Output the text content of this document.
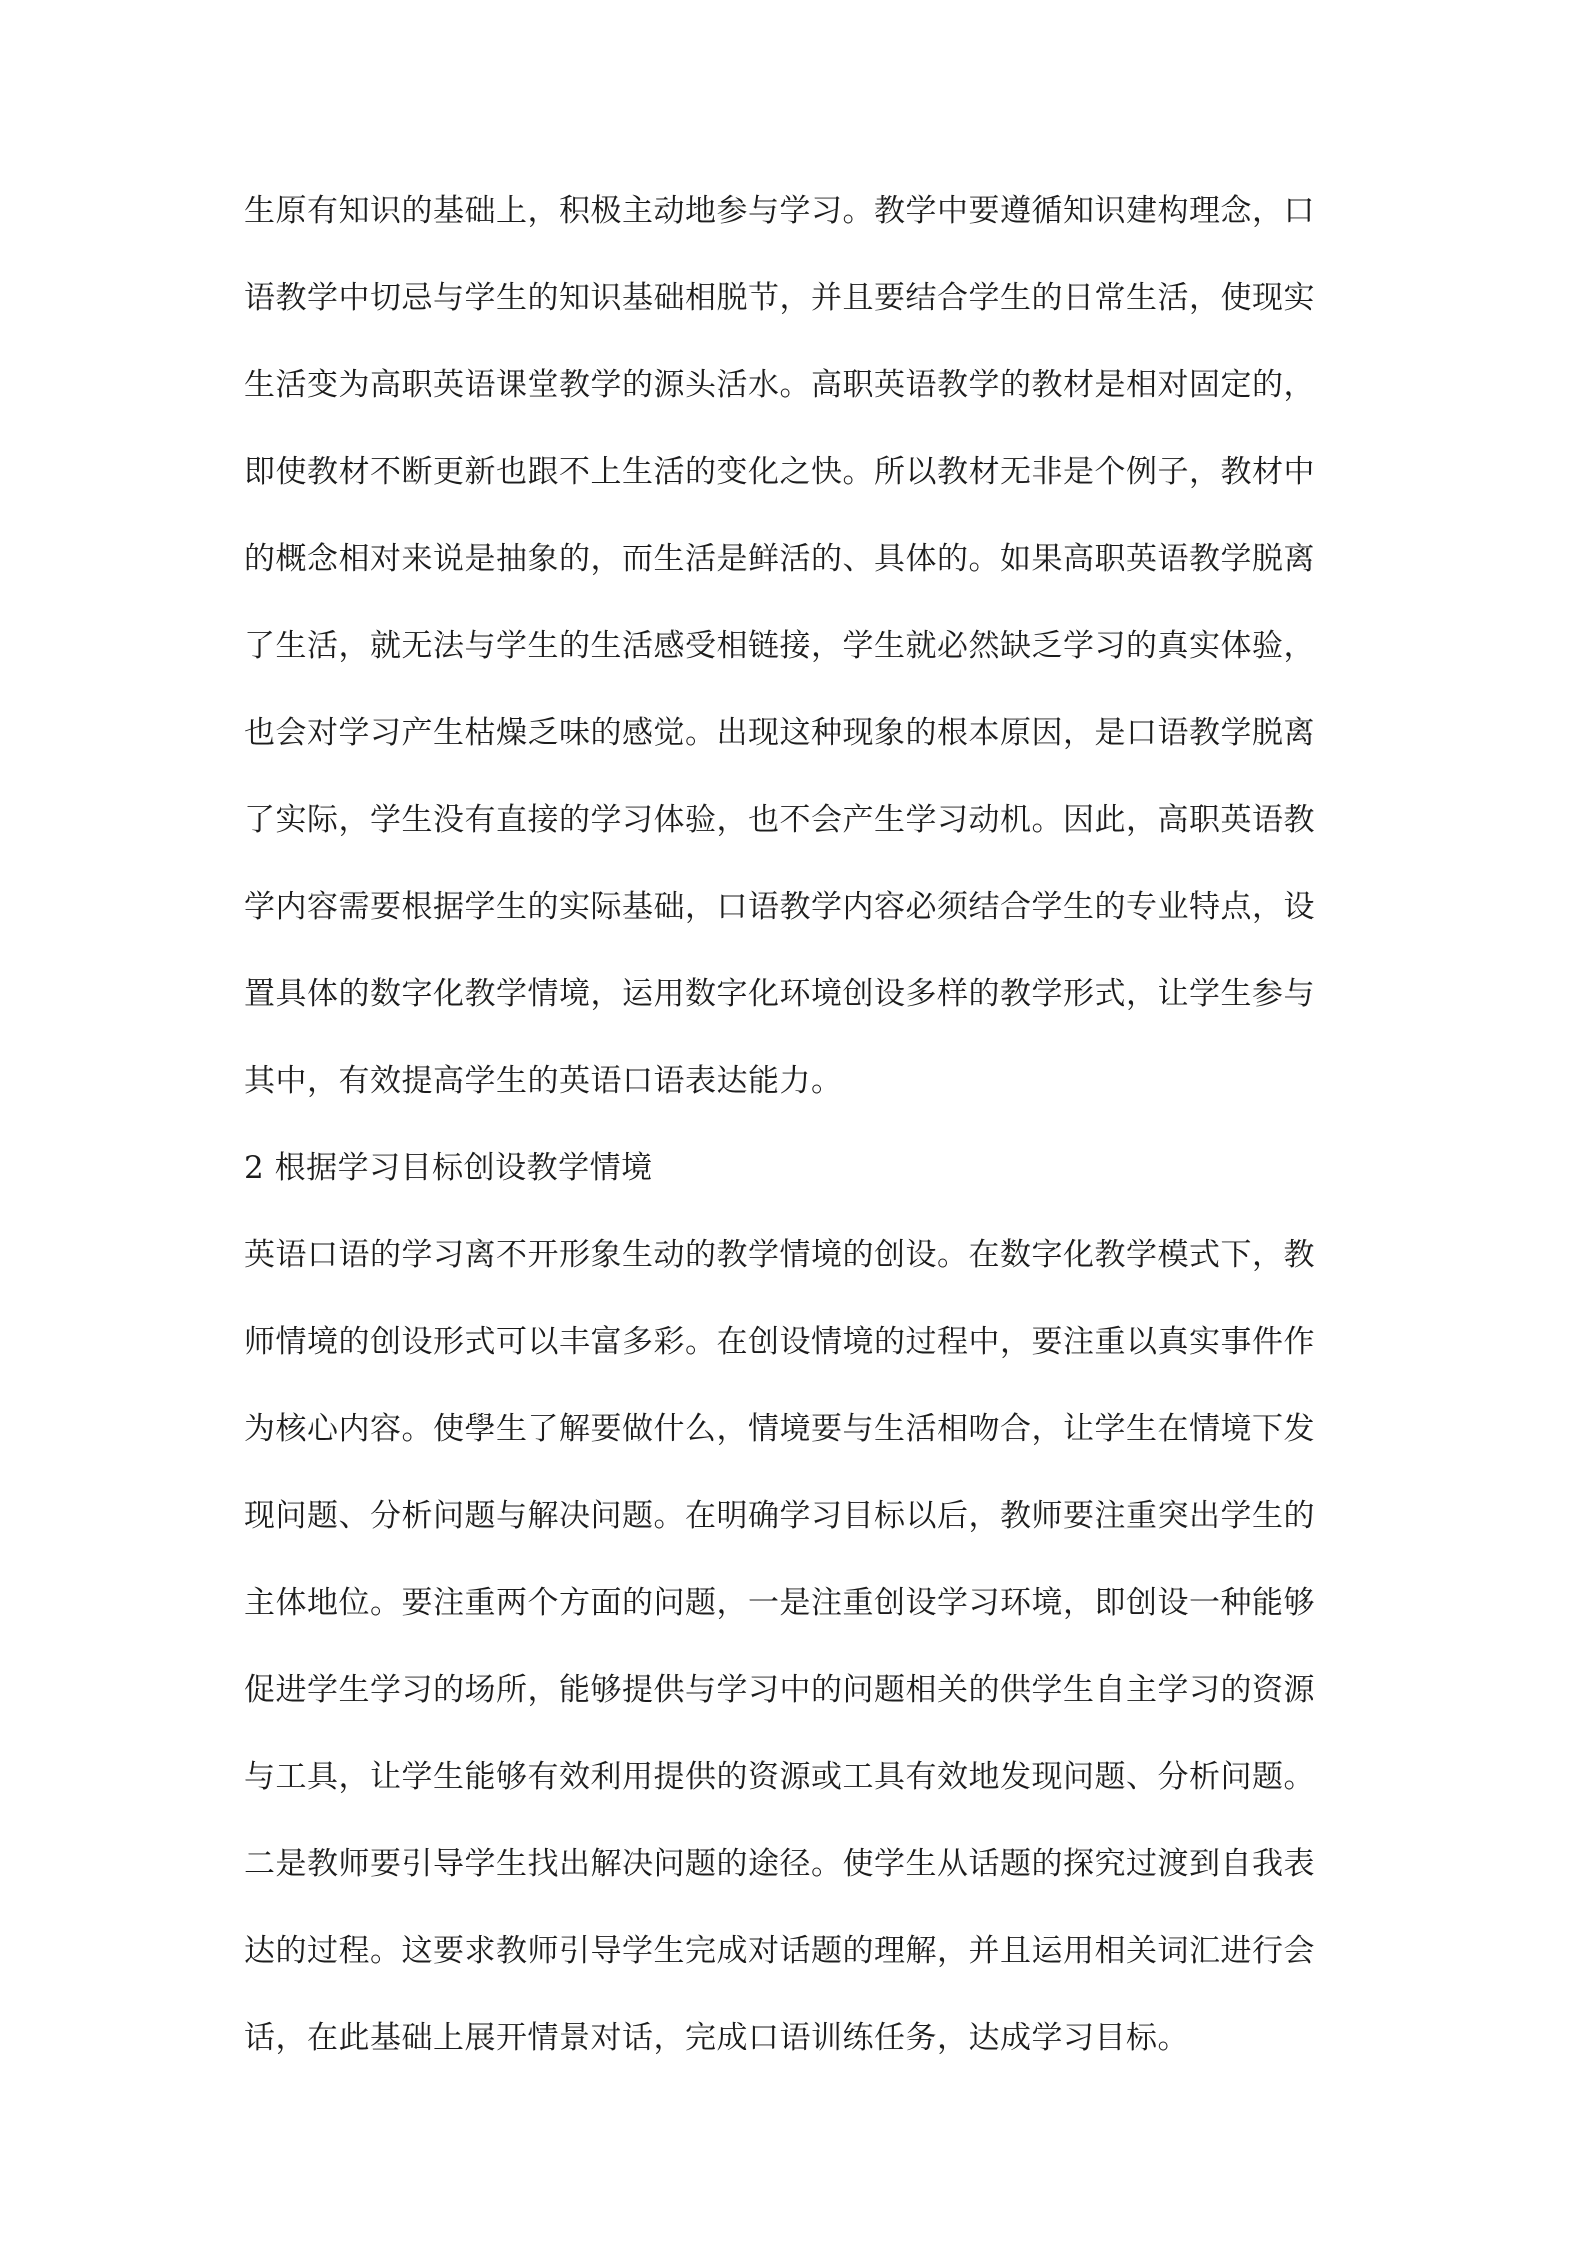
生原有知识的基础上，积极主动地参与学习。教学中要遵循知识建构理念，口

语教学中切忌与学生的知识基础相脱节，并且要结合学生的日常生活，使现实

生活变为高职英语课堂教学的源头活水。高职英语教学的教材是相对固定的，

即使教材不断更新也跟不上生活的变化之快。所以教材无非是个例子，教材中

的概念相对来说是抽象的，而生活是鲜活的、具体的。如果高职英语教学脱离

了生活，就无法与学生的生活感受相链接，学生就必然缺乏学习的真实体验，

也会对学习产生枯燥乏味的感觉。出现这种现象的根本原因，是口语教学脱离

了实际，学生没有直接的学习体验，也不会产生学习动机。因此，高职英语教

学内容需要根据学生的实际基础，口语教学内容必须结合学生的专业特点，设

置具体的数字化教学情境，运用数字化环境创设多样的教学形式，让学生参与

其中，有效提高学生的英语口语表达能力。

2 根据学习目标创设教学情境

英语口语的学习离不开形象生动的教学情境的创设。在数字化教学模式下，教

师情境的创设形式可以丰富多彩。在创设情境的过程中，要注重以真实事件作

为核心内容。使學生了解要做什么，情境要与生活相吻合，让学生在情境下发

现问题、分析问题与解决问题。在明确学习目标以后，教师要注重突出学生的

主体地位。要注重两个方面的问题，一是注重创设学习环境，即创设一种能够

促进学生学习的场所，能够提供与学习中的问题相关的供学生自主学习的资源

与工具，让学生能够有效利用提供的资源或工具有效地发现问题、分析问题。

二是教师要引导学生找出解决问题的途径。使学生从话题的探究过渡到自我表

达的过程。这要求教师引导学生完成对话题的理解，并且运用相关词汇进行会

话，在此基础上展开情景对话，完成口语训练任务，达成学习目标。
